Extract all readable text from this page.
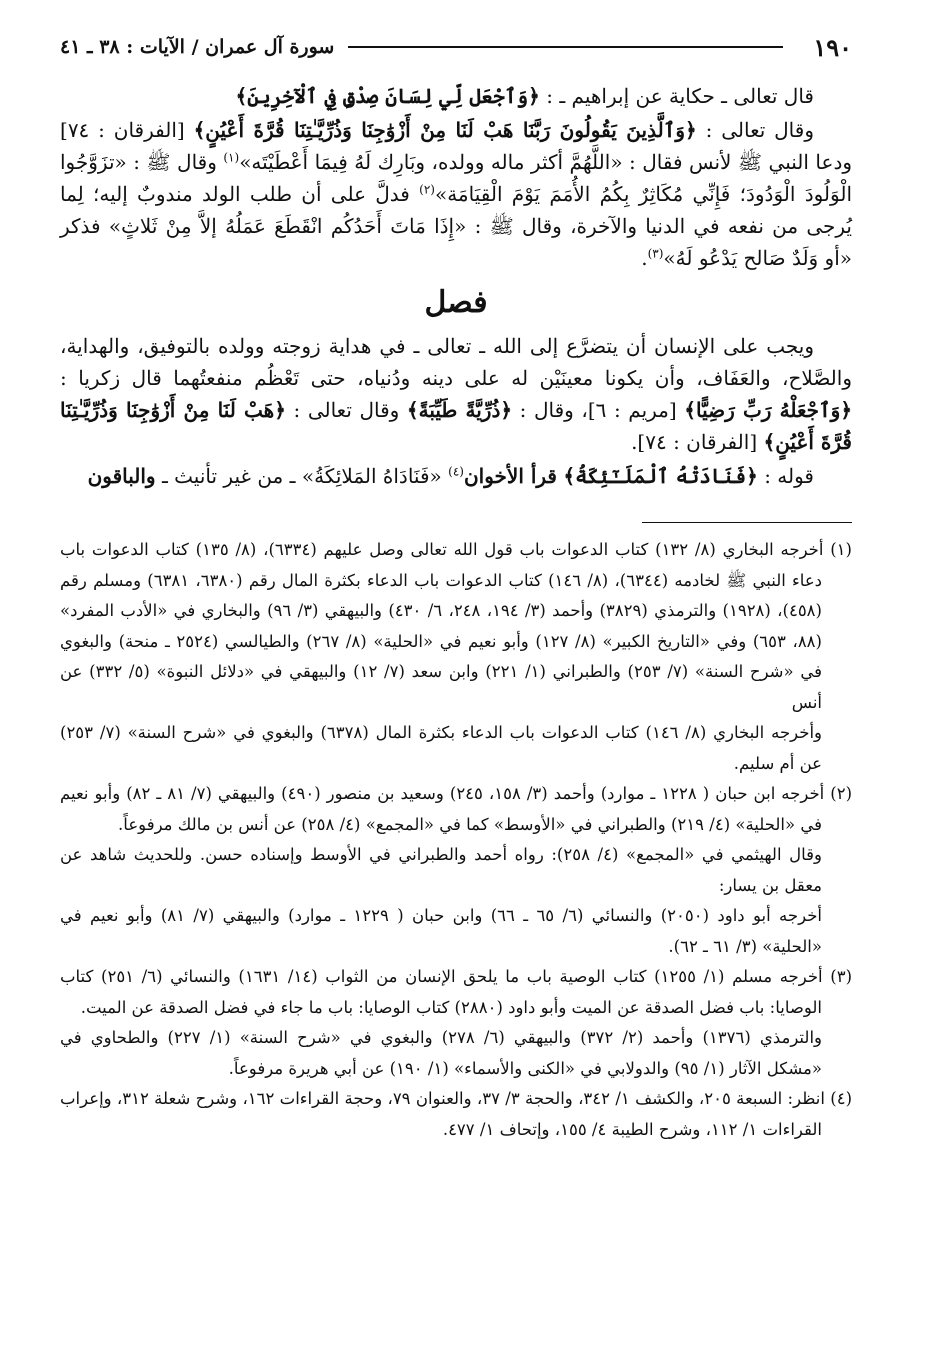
١٩٠
سورة آل عمران / الآيات : ٣٨ ـ ٤١

قال تعالى ـ حكاية عن إبراهيم ـ : ﴿وَٱجْعَل لِّي لِسَانَ صِدْقٍ فِي ٱلْآخِرِينَ﴾

وقال تعالى : ﴿وَٱلَّذِينَ يَقُولُونَ رَبَّنَا هَبْ لَنَا مِنْ أَزْوَٰجِنَا وَذُرِّيَّـٰتِنَا قُرَّةَ أَعْيُنٍ﴾ [الفرقان : ٧٤] ودعا النبي ﷺ لأنس فقال : «اللَّهُمَّ أكثر ماله وولده، وبَارِك لَهُ فِيمَا أَعْطَيْتَه»$^{(١)}$ وقال ﷺ : «تزَوَّجُوا الْوَلُودَ الْوَدُودَ؛ فَإِنِّي مُكَاثِرٌ بِكُمُ الأُمَمَ يَوْمَ الْقِيَامَة»$^{(٢)}$ فدلَّ على أن طلب الولد مندوبٌ إليه؛ لِما يُرجى من نفعه في الدنيا والآخرة، وقال ﷺ : «إِذَا مَاتَ أَحَدُكُم انْقَطَعَ عَمَلُهُ إلاَّ مِنْ ثَلاثٍ» فذكر «أو وَلَدٌ صَالح يَدْعُو لَهُ»$^{(٣)}$.

فصل

ويجب على الإنسان أن يتضرَّع إلى الله ـ تعالى ـ في هداية زوجته وولده بالتوفيق، والهداية، والصَّلاح، والعَفَاف، وأن يكونا معينَيْن له على دينه ودُنياه، حتى تَعْظُم منفعتُهما قال زكريا : ﴿وَٱجْعَلْهُ رَبِّ رَضِيًّا﴾ [مريم : ٦]، وقال : ﴿ذُرِّيَّةً طَيِّبَةً﴾ وقال تعالى : ﴿هَبْ لَنَا مِنْ أَزْوَٰجِنَا وَذُرِّيَّـٰتِنَا قُرَّةَ أَعْيُنٍ﴾ [الفرقان : ٧٤].

قوله : ﴿فَنَادَتْهُ ٱلْمَلَـٰٓئِكَةُ﴾ قرأ الأخوان$^{(٤)}$ «فَنَادَاهُ المَلائِكَةُ» ـ من غير تأنيث ـ والباقون

(١) أخرجه البخاري (٨/ ١٣٢) كتاب الدعوات باب قول الله تعالى وصل عليهم (٦٣٣٤)، (٨/ ١٣٥) كتاب الدعوات باب دعاء النبي ﷺ لخادمه (٦٣٤٤)، (٨/ ١٤٦) كتاب الدعوات باب الدعاء بكثرة المال رقم (٦٣٨٠، ٦٣٨١) ومسلم رقم (٤٥٨)، (١٩٢٨) والترمذي (٣٨٢٩) وأحمد (٣/ ١٩٤، ٢٤٨، ٦/ ٤٣٠) والبيهقي (٣/ ٩٦) والبخاري في «الأدب المفرد» (٨٨، ٦٥٣) وفي «التاريخ الكبير» (٨/ ١٢٧) وأبو نعيم في «الحلية» (٨/ ٢٦٧) والطيالسي (٢٥٢٤ ـ منحة) والبغوي في «شرح السنة» (٧/ ٢٥٣) والطبراني (١/ ٢٢١) وابن سعد (٧/ ١٢) والبيهقي في «دلائل النبوة» (٥/ ٣٣٢) عن أنس

وأخرجه البخاري (٨/ ١٤٦) كتاب الدعوات باب الدعاء بكثرة المال (٦٣٧٨) والبغوي في «شرح السنة» (٧/ ٢٥٣) عن أم سليم.

(٢) أخرجه ابن حبان ( ١٢٢٨ ـ موارد) وأحمد (٣/ ١٥٨، ٢٤٥) وسعيد بن منصور (٤٩٠) والبيهقي (٧/ ٨١ ـ ٨٢) وأبو نعيم في «الحلية» (٤/ ٢١٩) والطبراني في «الأوسط» كما في «المجمع» (٤/ ٢٥٨) عن أنس بن مالك مرفوعاً.

وقال الهيثمي في «المجمع» (٤/ ٢٥٨): رواه أحمد والطبراني في الأوسط وإسناده حسن. وللحديث شاهد عن معقل بن يسار:

أخرجه أبو داود (٢٠٥٠) والنسائي (٦/ ٦٥ ـ ٦٦) وابن حبان ( ١٢٢٩ ـ موارد) والبيهقي (٧/ ٨١) وأبو نعيم في «الحلية» (٣/ ٦١ ـ ٦٢).

(٣) أخرجه مسلم (١/ ١٢٥٥) كتاب الوصية باب ما يلحق الإنسان من الثواب (١٤/ ١٦٣١) والنسائي (٦/ ٢٥١) كتاب الوصايا: باب فضل الصدقة عن الميت وأبو داود (٢٨٨٠) كتاب الوصايا: باب ما جاء في فضل الصدقة عن الميت.

والترمذي (١٣٧٦) وأحمد (٢/ ٣٧٢) والبيهقي (٦/ ٢٧٨) والبغوي في «شرح السنة» (١/ ٢٢٧) والطحاوي في «مشكل الآثار (١/ ٩٥) والدولابي في «الكنى والأسماء» (١/ ١٩٠) عن أبي هريرة مرفوعاً.

(٤) انظر: السبعة ٢٠٥، والكشف ١/ ٣٤٢، والحجة ٣/ ٣٧، والعنوان ٧٩، وحجة القراءات ١٦٢، وشرح شعلة ٣١٢، وإعراب القراءات ١/ ١١٢، وشرح الطيبة ٤/ ١٥٥، وإتحاف ١/ ٤٧٧.
